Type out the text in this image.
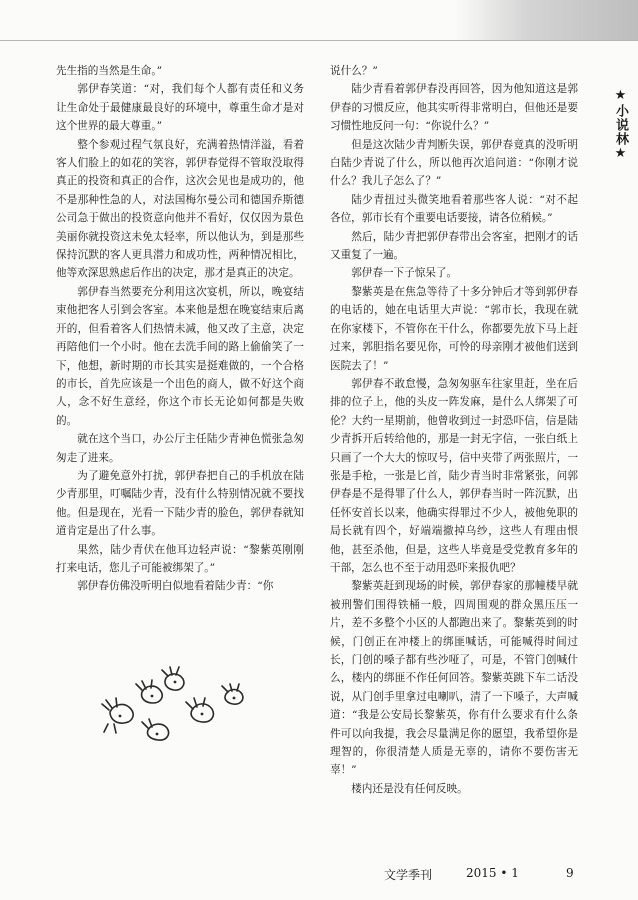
★小说林★

先生指的当然是生命。”

郭伊春笑道：“对，我们每个人都有责任和义务让生命处于最健康最良好的环境中，尊重生命才是对这个世界的最大尊重。”

整个参观过程气氛良好，充满着热情洋溢，看着客人们脸上的如花的笑容，郭伊春觉得不管取没取得真正的投资和真正的合作，这次会见也是成功的，他不是那种性急的人，对法国梅尔曼公司和德国乔斯德公司急于做出的投资意向他并不看好，仅仅因为景色美丽你就投资这未免太轻率，所以他认为，到是那些保持沉默的客人更具潜力和成功性，两种情况相比，他等欢深思熟虑后作出的决定，那才是真正的决定。

郭伊春当然要充分利用这次宴机，所以，晚宴结束他把客人引到会客室。本来他是想在晚宴结束后离开的，但看着客人们热情未减，他又改了主意，决定再陪他们一个小时。他在去洗手间的路上偷偷笑了一下，他想，新时期的市长其实是挺难做的，一个合格的市长，首先应该是一个出色的商人，做不好这个商人，念不好生意经，你这个市长无论如何都是失败的。

就在这个当口，办公厅主任陆少青神色慌张急匆匆走了进来。

为了避免意外打扰，郭伊春把自己的手机放在陆少青那里，叮嘱陆少青，没有什么特别情况就不要找他。但是现在，光看一下陆少青的脸色，郭伊春就知道肯定是出了什么事。

果然，陆少青伏在他耳边轻声说：“黎紫英刚刚打来电话，您儿子可能被绑架了。”

郭伊春仿佛没听明白似地看着陆少青：“你

说什么？”

陆少青看着郭伊春没再回答，因为他知道这是郭伊春的习惯反应，他其实听得非常明白，但他还是要习惯性地反问一句：“你说什么？”

但是这次陆少青判断失误，郭伊春竟真的没听明白陆少青说了什么，所以他再次追问道：“你刚才说什么？我儿子怎么了？”

陆少青扭过头微笑地看着那些客人说：“对不起各位，郭市长有个重要电话要接，请各位稍候。”

然后，陆少青把郭伊春带出会客室，把刚才的话又重复了一遍。

郭伊春一下子惊呆了。

黎紫英是在焦急等待了十多分钟后才等到郭伊春的电话的，她在电话里大声说：“郭市长，我现在就在你家楼下，不管你在干什么，你都要先放下马上赶过来，郭胆指名要见你，可怜的母亲刚才被他们送到医院去了！”

郭伊春不敢怠慢，急匆匆驱车往家里赶，坐在后排的位子上，他的头皮一阵发麻，是什么人绑架了可伦？大约一星期前，他曾收到过一封恐吓信，信是陆少青拆开后转给他的，那是一封无字信，一张白纸上只画了一个大大的惊叹号，信中夹带了两张照片，一张是手枪，一张是匕首，陆少青当时非常紧张，问郭伊春是不是得罪了什么人，郭伊春当时一阵沉默，出任怀安首长以来，他确实得罪过不少人，被他免职的局长就有四个，好端端撤掉乌纱，这些人有理由恨他，甚至杀他，但是，这些人毕竟是受党教育多年的干部，怎么也不至于动用恐吓来报仇吧？

黎紫英赶到现场的时候，郭伊春家的那幢楼早就被刑警们围得铁桶一般，四周围观的群众黑压压一片，差不多整个小区的人都跑出来了。黎紫英到的时候，门创正在冲楼上的绑匪喊话，可能喊得时间过长，门创的嗓子都有些沙哑了，可是，不管门创喊什么，楼内的绑匪不作任何回答。黎紫英跳下车二话没说，从门创手里拿过电喇叭，清了一下嗓子，大声喊道：“我是公安局长黎紫英，你有什么要求有什么条件可以向我提，我会尽量满足你的愿望，我希望你是理智的，你很清楚人质是无辜的，请你不要伤害无辜！”

楼内还是没有任何反映。

文学季刊	2015 • 1	9
